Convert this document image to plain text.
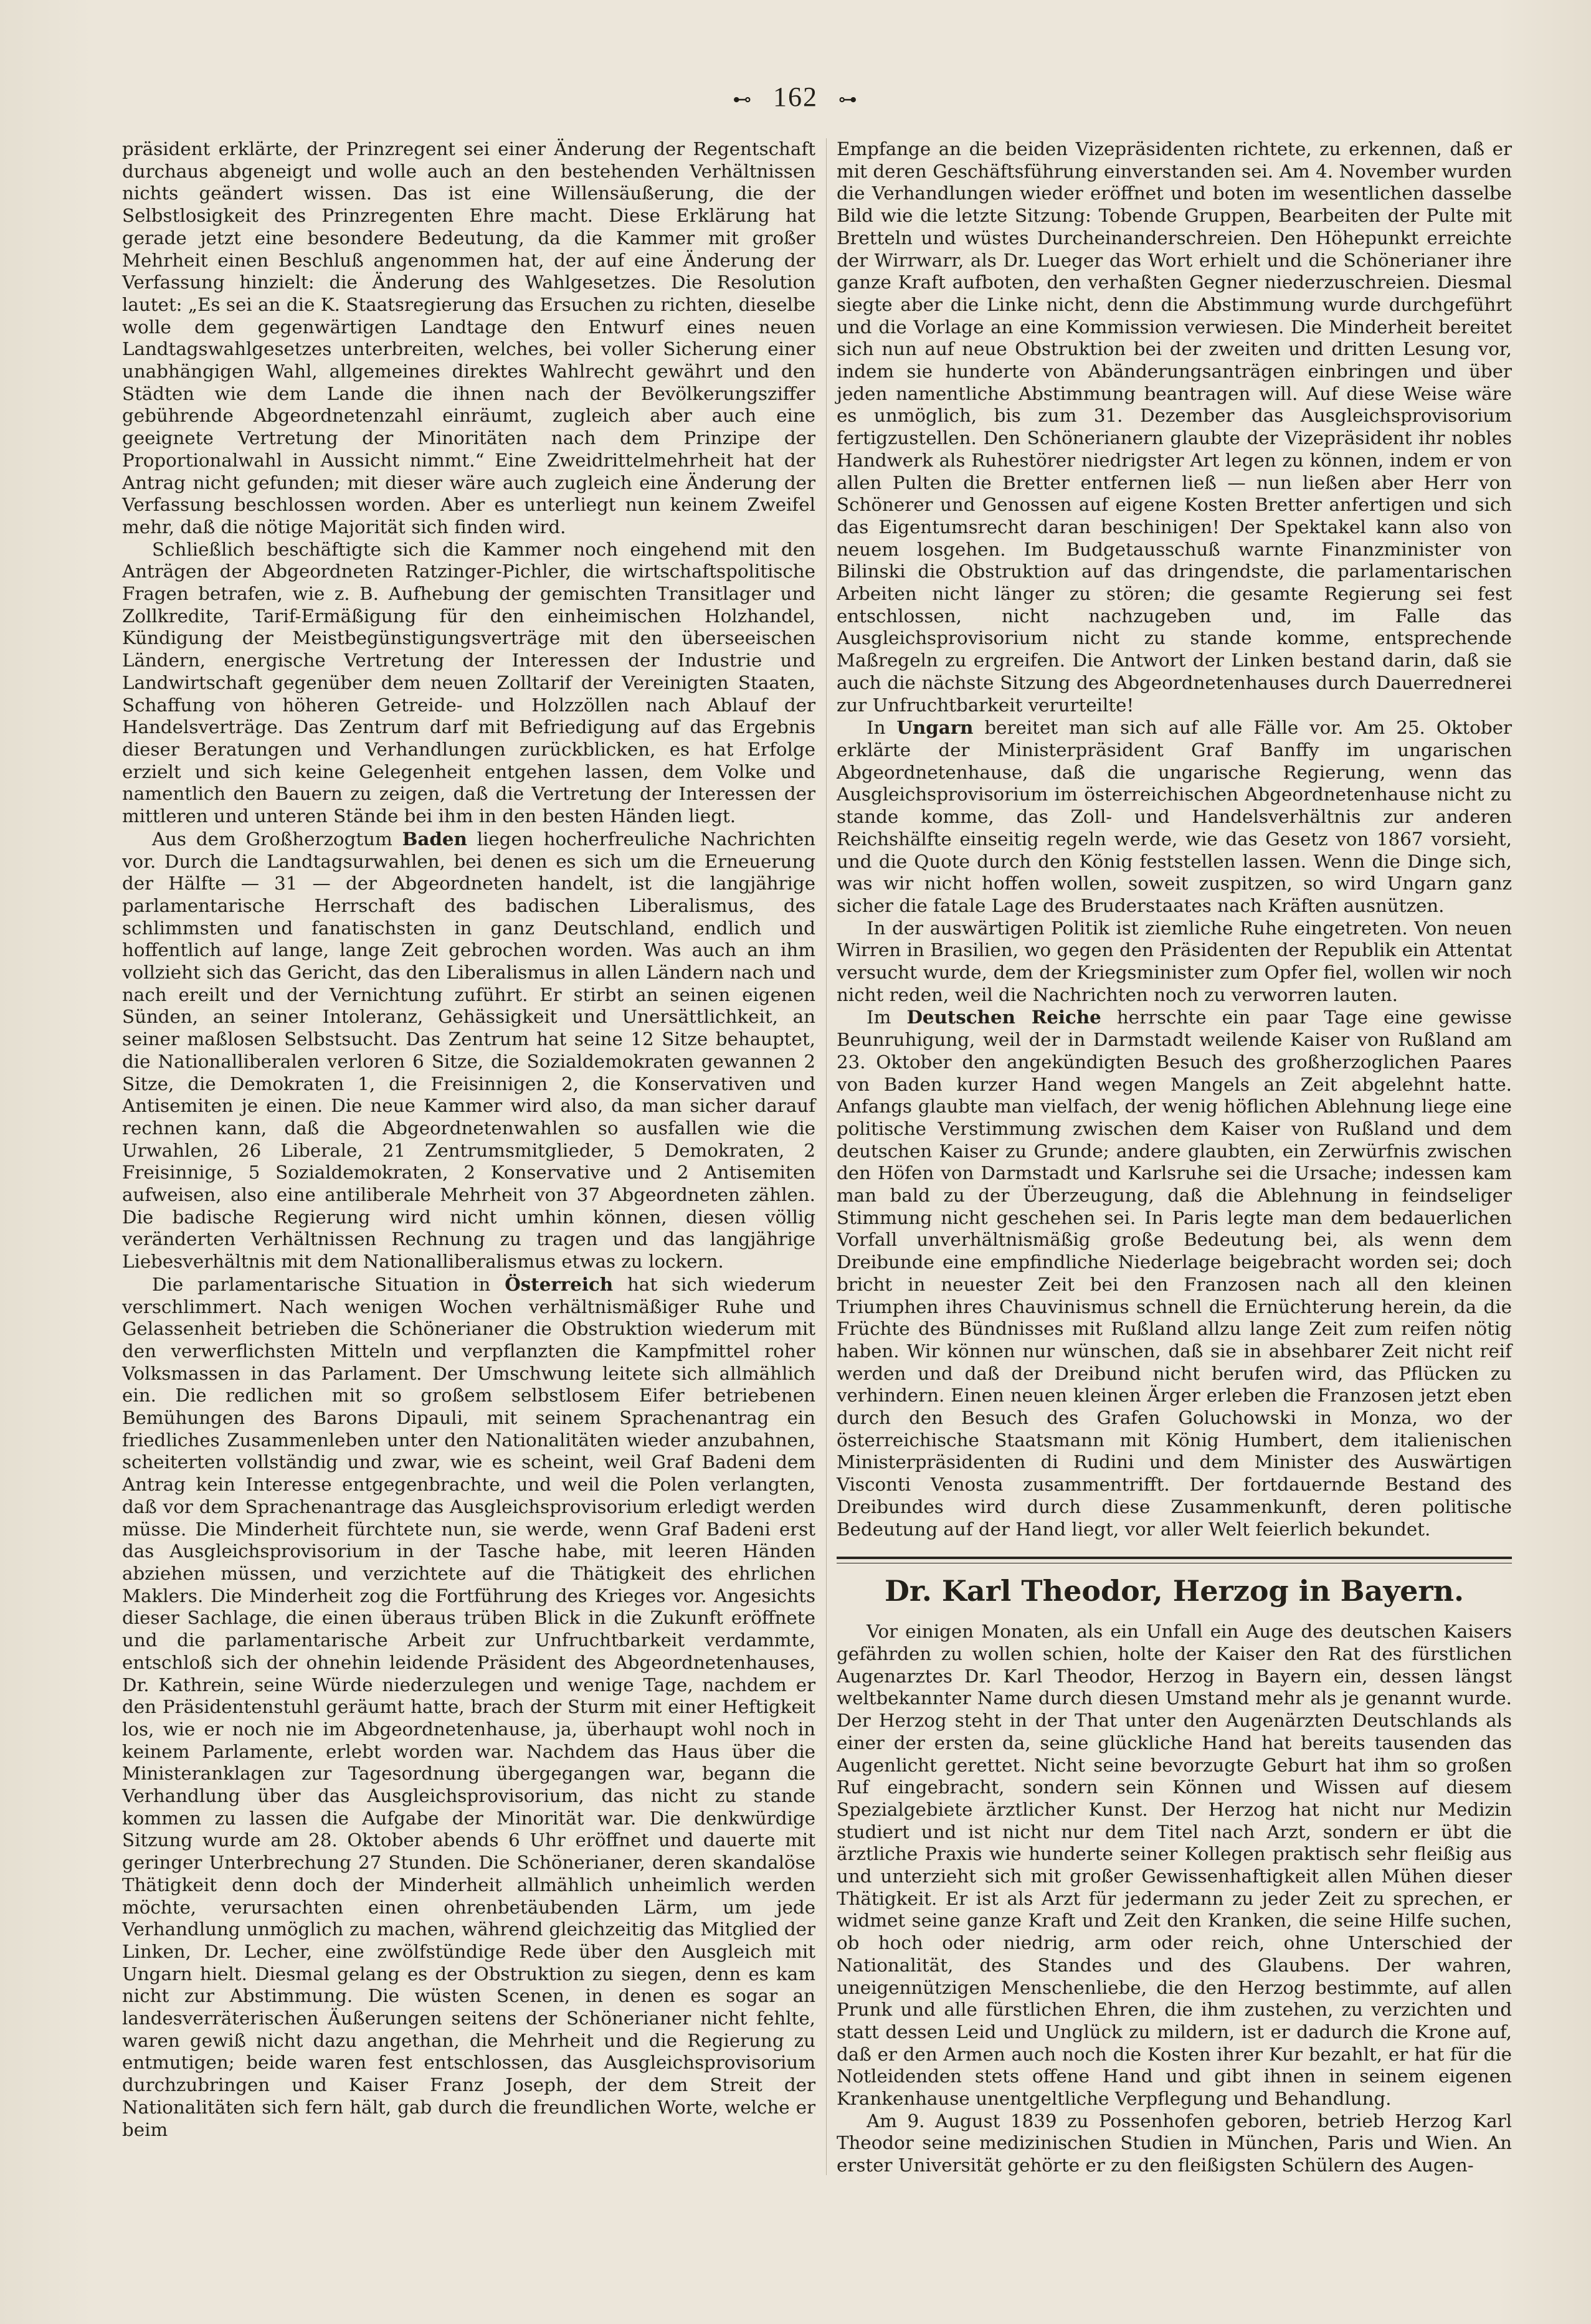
⊷ 162 ⊶

präsident erklärte, der Prinzregent sei einer Änderung der Regentschaft durchaus abgeneigt und wolle auch an den bestehenden Verhältnissen nichts geändert wissen. Das ist eine Willensäußerung, die der Selbstlosigkeit des Prinzregenten Ehre macht. Diese Erklärung hat gerade jetzt eine besondere Bedeutung, da die Kammer mit großer Mehrheit einen Beschluß angenommen hat, der auf eine Änderung der Verfassung hinzielt: die Änderung des Wahlgesetzes. Die Resolution lautet: „Es sei an die K. Staatsregierung das Ersuchen zu richten, dieselbe wolle dem gegenwärtigen Landtage den Entwurf eines neuen Landtagswahlgesetzes unterbreiten, welches, bei voller Sicherung einer unabhängigen Wahl, allgemeines direktes Wahlrecht gewährt und den Städten wie dem Lande die ihnen nach der Bevölkerungsziffer gebührende Abgeordnetenzahl einräumt, zugleich aber auch eine geeignete Vertretung der Minoritäten nach dem Prinzipe der Proportionalwahl in Aussicht nimmt.“ Eine Zweidrittelmehrheit hat der Antrag nicht gefunden; mit dieser wäre auch zugleich eine Änderung der Verfassung beschlossen worden. Aber es unterliegt nun keinem Zweifel mehr, daß die nötige Majorität sich finden wird.

Schließlich beschäftigte sich die Kammer noch eingehend mit den Anträgen der Abgeordneten Ratzinger-Pichler, die wirtschaftspolitische Fragen betrafen, wie z. B. Aufhebung der gemischten Transitlager und Zollkredite, Tarif-Ermäßigung für den einheimischen Holzhandel, Kündigung der Meistbegünstigungsverträge mit den überseeischen Ländern, energische Vertretung der Interessen der Industrie und Landwirtschaft gegenüber dem neuen Zolltarif der Vereinigten Staaten, Schaffung von höheren Getreide- und Holzzöllen nach Ablauf der Handelsverträge. Das Zentrum darf mit Befriedigung auf das Ergebnis dieser Beratungen und Verhandlungen zurückblicken, es hat Erfolge erzielt und sich keine Gelegenheit entgehen lassen, dem Volke und namentlich den Bauern zu zeigen, daß die Vertretung der Interessen der mittleren und unteren Stände bei ihm in den besten Händen liegt.

Aus dem Großherzogtum Baden liegen hocherfreuliche Nachrichten vor. Durch die Landtagsurwahlen, bei denen es sich um die Erneuerung der Hälfte — 31 — der Abgeordneten handelt, ist die langjährige parlamentarische Herrschaft des badischen Liberalismus, des schlimmsten und fanatischsten in ganz Deutschland, endlich und hoffentlich auf lange, lange Zeit gebrochen worden. Was auch an ihm vollzieht sich das Gericht, das den Liberalismus in allen Ländern nach und nach ereilt und der Vernichtung zuführt. Er stirbt an seinen eigenen Sünden, an seiner Intoleranz, Gehässigkeit und Unersättlichkeit, an seiner maßlosen Selbstsucht. Das Zentrum hat seine 12 Sitze behauptet, die Nationalliberalen verloren 6 Sitze, die Sozialdemokraten gewannen 2 Sitze, die Demokraten 1, die Freisinnigen 2, die Konservativen und Antisemiten je einen. Die neue Kammer wird also, da man sicher darauf rechnen kann, daß die Abgeordnetenwahlen so ausfallen wie die Urwahlen, 26 Liberale, 21 Zentrumsmitglieder, 5 Demokraten, 2 Freisinnige, 5 Sozialdemokraten, 2 Konservative und 2 Antisemiten aufweisen, also eine antiliberale Mehrheit von 37 Abgeordneten zählen. Die badische Regierung wird nicht umhin können, diesen völlig veränderten Verhältnissen Rechnung zu tragen und das langjährige Liebesverhältnis mit dem Nationalliberalismus etwas zu lockern.

Die parlamentarische Situation in Österreich hat sich wiederum verschlimmert. Nach wenigen Wochen verhältnismäßiger Ruhe und Gelassenheit betrieben die Schönerianer die Obstruktion wiederum mit den verwerflichsten Mitteln und verpflanzten die Kampfmittel roher Volksmassen in das Parlament. Der Umschwung leitete sich allmählich ein. Die redlichen mit so großem selbstlosem Eifer betriebenen Bemühungen des Barons Dipauli, mit seinem Sprachenantrag ein friedliches Zusammenleben unter den Nationalitäten wieder anzubahnen, scheiterten vollständig und zwar, wie es scheint, weil Graf Badeni dem Antrag kein Interesse entgegenbrachte, und weil die Polen verlangten, daß vor dem Sprachenantrage das Ausgleichsprovisorium erledigt werden müsse. Die Minderheit fürchtete nun, sie werde, wenn Graf Badeni erst das Ausgleichsprovisorium in der Tasche habe, mit leeren Händen abziehen müssen, und verzichtete auf die Thätigkeit des ehrlichen Maklers. Die Minderheit zog die Fortführung des Krieges vor. Angesichts dieser Sachlage, die einen überaus trüben Blick in die Zukunft eröffnete und die parlamentarische Arbeit zur Unfruchtbarkeit verdammte, entschloß sich der ohnehin leidende Präsident des Abgeordnetenhauses, Dr. Kathrein, seine Würde niederzulegen und wenige Tage, nachdem er den Präsidentenstuhl geräumt hatte, brach der Sturm mit einer Heftigkeit los, wie er noch nie im Abgeordnetenhause, ja, überhaupt wohl noch in keinem Parlamente, erlebt worden war. Nachdem das Haus über die Ministeranklagen zur Tagesordnung übergegangen war, begann die Verhandlung über das Ausgleichsprovisorium, das nicht zu stande kommen zu lassen die Aufgabe der Minorität war. Die denkwürdige Sitzung wurde am 28. Oktober abends 6 Uhr eröffnet und dauerte mit geringer Unterbrechung 27 Stunden. Die Schönerianer, deren skandalöse Thätigkeit denn doch der Minderheit allmählich unheimlich werden möchte, verursachten einen ohrenbetäubenden Lärm, um jede Verhandlung unmöglich zu machen, während gleichzeitig das Mitglied der Linken, Dr. Lecher, eine zwölfstündige Rede über den Ausgleich mit Ungarn hielt. Diesmal gelang es der Obstruktion zu siegen, denn es kam nicht zur Abstimmung. Die wüsten Scenen, in denen es sogar an landesverräterischen Äußerungen seitens der Schönerianer nicht fehlte, waren gewiß nicht dazu angethan, die Mehrheit und die Regierung zu entmutigen; beide waren fest entschlossen, das Ausgleichsprovisorium durchzubringen und Kaiser Franz Joseph, der dem Streit der Nationalitäten sich fern hält, gab durch die freundlichen Worte, welche er beim

Empfange an die beiden Vizepräsidenten richtete, zu erkennen, daß er mit deren Geschäftsführung einverstanden sei. Am 4. November wurden die Verhandlungen wieder eröffnet und boten im wesentlichen dasselbe Bild wie die letzte Sitzung: Tobende Gruppen, Bearbeiten der Pulte mit Bretteln und wüstes Durcheinanderschreien. Den Höhepunkt erreichte der Wirrwarr, als Dr. Lueger das Wort erhielt und die Schönerianer ihre ganze Kraft aufboten, den verhaßten Gegner niederzuschreien. Diesmal siegte aber die Linke nicht, denn die Abstimmung wurde durchgeführt und die Vorlage an eine Kommission verwiesen. Die Minderheit bereitet sich nun auf neue Obstruktion bei der zweiten und dritten Lesung vor, indem sie hunderte von Abänderungsanträgen einbringen und über jeden namentliche Abstimmung beantragen will. Auf diese Weise wäre es unmöglich, bis zum 31. Dezember das Ausgleichsprovisorium fertigzustellen. Den Schönerianern glaubte der Vizepräsident ihr nobles Handwerk als Ruhestörer niedrigster Art legen zu können, indem er von allen Pulten die Bretter entfernen ließ — nun ließen aber Herr von Schönerer und Genossen auf eigene Kosten Bretter anfertigen und sich das Eigentumsrecht daran beschinigen! Der Spektakel kann also von neuem losgehen. Im Budgetausschuß warnte Finanzminister von Bilinski die Obstruktion auf das dringendste, die parlamentarischen Arbeiten nicht länger zu stören; die gesamte Regierung sei fest entschlossen, nicht nachzugeben und, im Falle das Ausgleichsprovisorium nicht zu stande komme, entsprechende Maßregeln zu ergreifen. Die Antwort der Linken bestand darin, daß sie auch die nächste Sitzung des Abgeordnetenhauses durch Dauerrednerei zur Unfruchtbarkeit verurteilte!

In Ungarn bereitet man sich auf alle Fälle vor. Am 25. Oktober erklärte der Ministerpräsident Graf Banffy im ungarischen Abgeordnetenhause, daß die ungarische Regierung, wenn das Ausgleichsprovisorium im österreichischen Abgeordnetenhause nicht zu stande komme, das Zoll- und Handelsverhältnis zur anderen Reichshälfte einseitig regeln werde, wie das Gesetz von 1867 vorsieht, und die Quote durch den König feststellen lassen. Wenn die Dinge sich, was wir nicht hoffen wollen, soweit zuspitzen, so wird Ungarn ganz sicher die fatale Lage des Bruderstaates nach Kräften ausnützen.

In der auswärtigen Politik ist ziemliche Ruhe eingetreten. Von neuen Wirren in Brasilien, wo gegen den Präsidenten der Republik ein Attentat versucht wurde, dem der Kriegsminister zum Opfer fiel, wollen wir noch nicht reden, weil die Nachrichten noch zu verworren lauten.

Im Deutschen Reiche herrschte ein paar Tage eine gewisse Beunruhigung, weil der in Darmstadt weilende Kaiser von Rußland am 23. Oktober den angekündigten Besuch des großherzoglichen Paares von Baden kurzer Hand wegen Mangels an Zeit abgelehnt hatte. Anfangs glaubte man vielfach, der wenig höflichen Ablehnung liege eine politische Verstimmung zwischen dem Kaiser von Rußland und dem deutschen Kaiser zu Grunde; andere glaubten, ein Zerwürfnis zwischen den Höfen von Darmstadt und Karlsruhe sei die Ursache; indessen kam man bald zu der Überzeugung, daß die Ablehnung in feindseliger Stimmung nicht geschehen sei. In Paris legte man dem bedauerlichen Vorfall unverhältnismäßig große Bedeutung bei, als wenn dem Dreibunde eine empfindliche Niederlage beigebracht worden sei; doch bricht in neuester Zeit bei den Franzosen nach all den kleinen Triumphen ihres Chauvinismus schnell die Ernüchterung herein, da die Früchte des Bündnisses mit Rußland allzu lange Zeit zum reifen nötig haben. Wir können nur wünschen, daß sie in absehbarer Zeit nicht reif werden und daß der Dreibund nicht berufen wird, das Pflücken zu verhindern. Einen neuen kleinen Ärger erleben die Franzosen jetzt eben durch den Besuch des Grafen Goluchowski in Monza, wo der österreichische Staatsmann mit König Humbert, dem italienischen Ministerpräsidenten di Rudini und dem Minister des Auswärtigen Visconti Venosta zusammentrifft. Der fortdauernde Bestand des Dreibundes wird durch diese Zusammenkunft, deren politische Bedeutung auf der Hand liegt, vor aller Welt feierlich bekundet.

Dr. Karl Theodor, Herzog in Bayern.

Vor einigen Monaten, als ein Unfall ein Auge des deutschen Kaisers gefährden zu wollen schien, holte der Kaiser den Rat des fürstlichen Augenarztes Dr. Karl Theodor, Herzog in Bayern ein, dessen längst weltbekannter Name durch diesen Umstand mehr als je genannt wurde. Der Herzog steht in der That unter den Augenärzten Deutschlands als einer der ersten da, seine glückliche Hand hat bereits tausenden das Augenlicht gerettet. Nicht seine bevorzugte Geburt hat ihm so großen Ruf eingebracht, sondern sein Können und Wissen auf diesem Spezialgebiete ärztlicher Kunst. Der Herzog hat nicht nur Medizin studiert und ist nicht nur dem Titel nach Arzt, sondern er übt die ärztliche Praxis wie hunderte seiner Kollegen praktisch sehr fleißig aus und unterzieht sich mit großer Gewissenhaftigkeit allen Mühen dieser Thätigkeit. Er ist als Arzt für jedermann zu jeder Zeit zu sprechen, er widmet seine ganze Kraft und Zeit den Kranken, die seine Hilfe suchen, ob hoch oder niedrig, arm oder reich, ohne Unterschied der Nationalität, des Standes und des Glaubens. Der wahren, uneigennützigen Menschenliebe, die den Herzog bestimmte, auf allen Prunk und alle fürstlichen Ehren, die ihm zustehen, zu verzichten und statt dessen Leid und Unglück zu mildern, ist er dadurch die Krone auf, daß er den Armen auch noch die Kosten ihrer Kur bezahlt, er hat für die Notleidenden stets offene Hand und gibt ihnen in seinem eigenen Krankenhause unentgeltliche Verpflegung und Behandlung.

Am 9. August 1839 zu Possenhofen geboren, betrieb Herzog Karl Theodor seine medizinischen Studien in München, Paris und Wien. An erster Universität gehörte er zu den fleißigsten Schülern des Augen-
